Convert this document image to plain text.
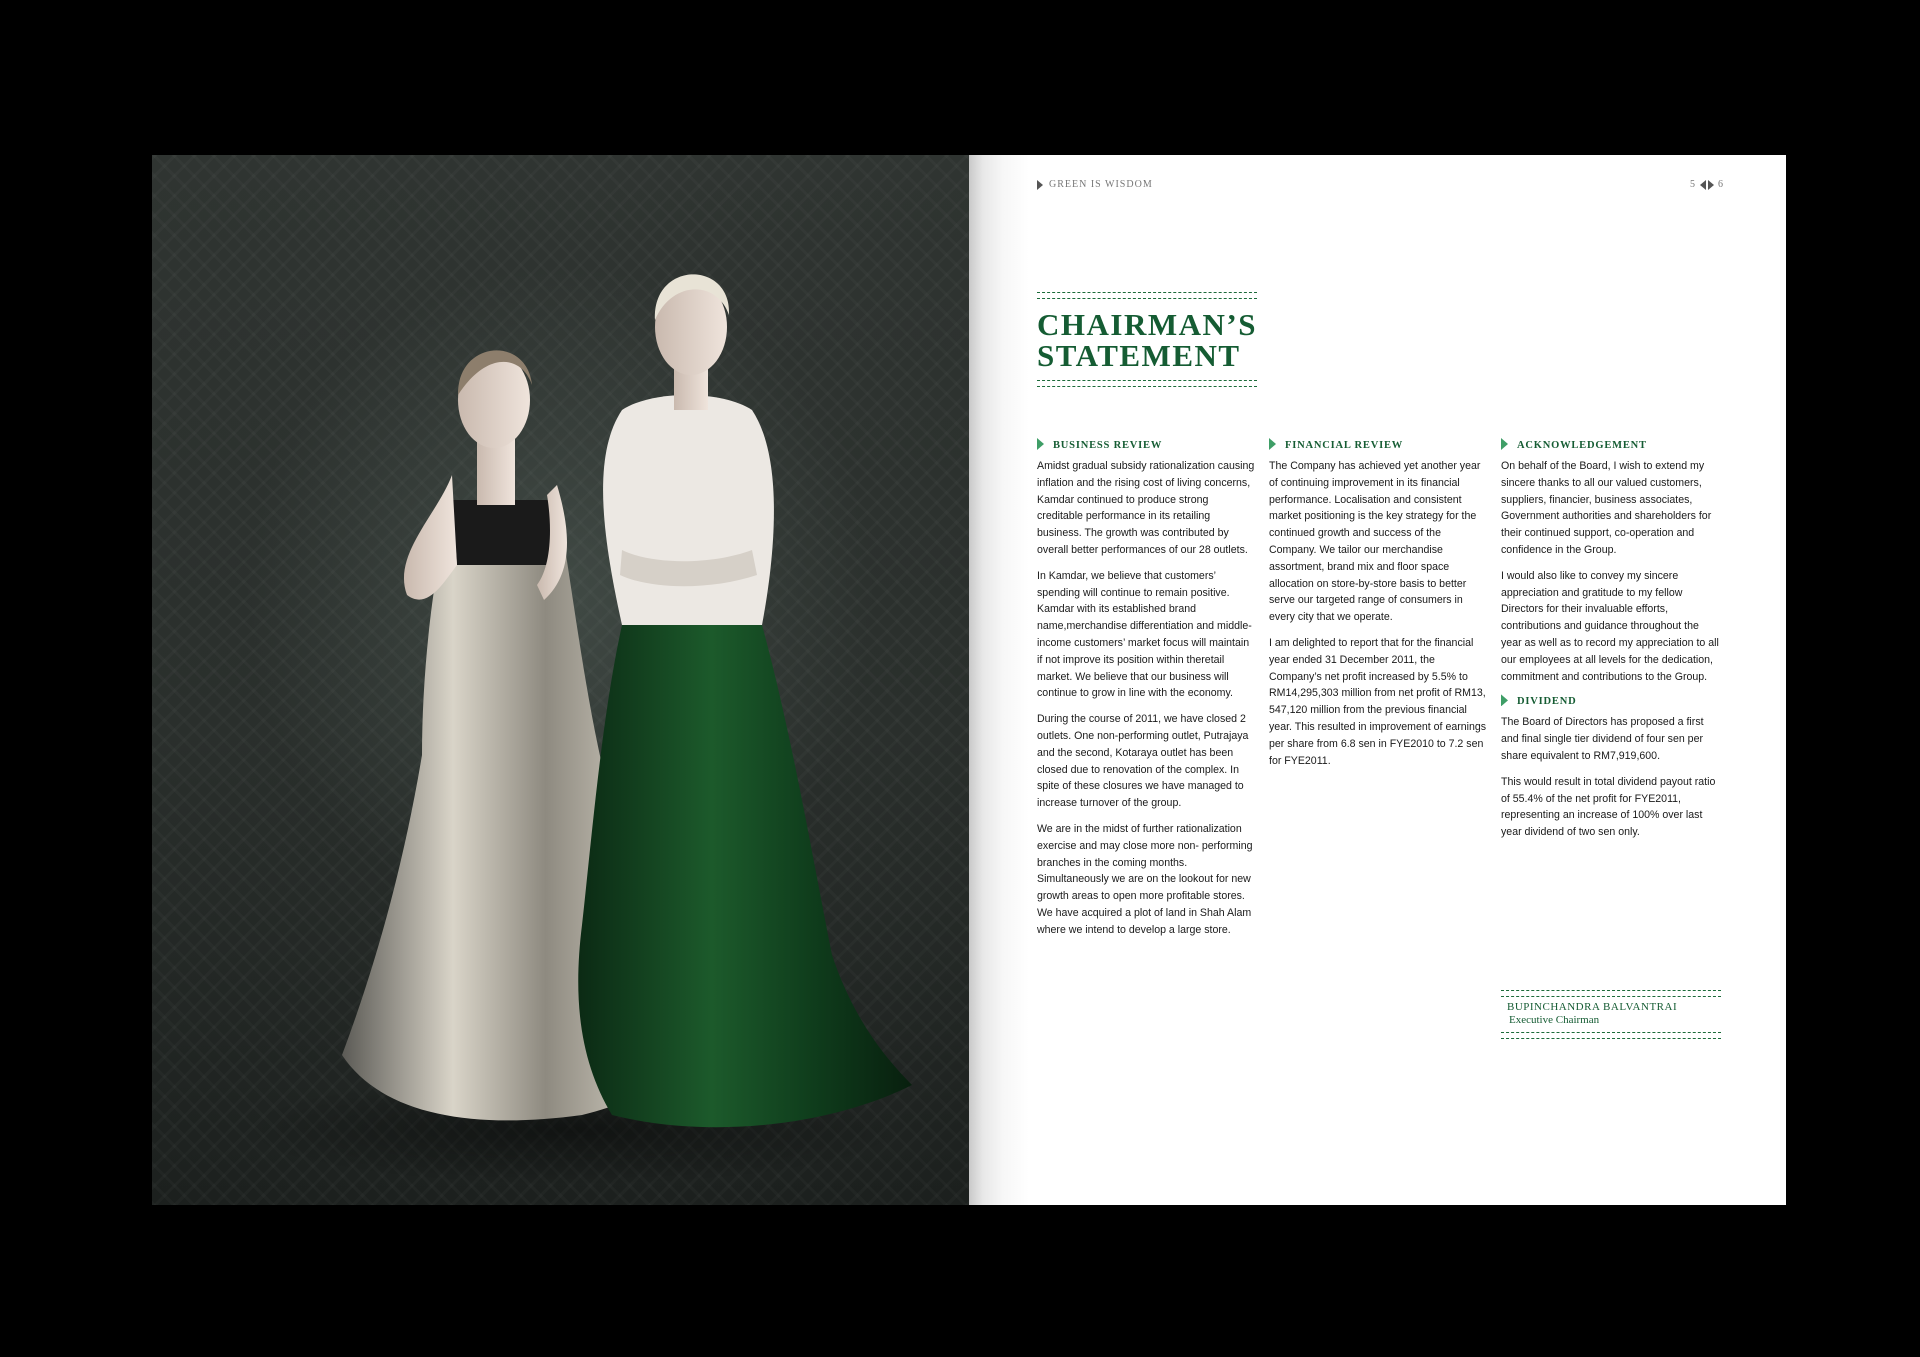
GREEN IS WISDOM	5 6
CHAIRMAN’S
STATEMENT
BUSINESS REVIEW

Amidst gradual subsidy rationalization causing inflation and the rising cost of living concerns, Kamdar continued to produce strong creditable performance in its retailing business. The growth was contributed by overall better performances of our 28 outlets.

In Kamdar, we believe that customers’ spending will continue to remain positive. Kamdar with its established brand name,merchandise differentiation and middle-income customers’ market focus will maintain if not improve its position within theretail market. We believe that our business will continue to grow in line with the economy.

During the course of 2011, we have closed 2 outlets. One non-performing outlet, Putrajaya and the second, Kotaraya outlet has been closed due to renovation of the complex. In spite of these closures we have managed to increase turnover of the group.

We are in the midst of further rationalization exercise and may close more non- performing branches in the coming months. Simultaneously we are on the lookout for new growth areas to open more profitable stores. We have acquired a plot of land in Shah Alam where we intend to develop a large store.

FINANCIAL REVIEW

The Company has achieved yet another year of continuing improvement in its financial performance. Localisation and consistent market positioning is the key strategy for the continued growth and success of the Company. We tailor our merchandise assortment, brand mix and floor space allocation on store-by-store basis to better serve our targeted range of consumers in every city that we operate.

I am delighted to report that for the financial year ended 31 December 2011, the Company’s net profit increased by 5.5% to RM14,295,303 million from net profit of RM13, 547,120 million from the previous financial year. This resulted in improvement of earnings per share from 6.8 sen in FYE2010 to 7.2 sen for FYE2011.

ACKNOWLEDGEMENT

On behalf of the Board, I wish to extend my sincere thanks to all our valued customers, suppliers, financier, business associates, Government authorities and shareholders for their continued support, co-operation and confidence in the Group.

I would also like to convey my sincere appreciation and gratitude to my fellow Directors for their invaluable efforts, contributions and guidance throughout the year as well as to record my appreciation to all our employees at all levels for the dedication, commitment and contributions to the Group.

DIVIDEND

The Board of Directors has proposed a first and final single tier dividend of four sen per share equivalent to RM7,919,600.

This would result in total dividend payout ratio of 55.4% of the net profit for FYE2011, representing an increase of 100% over last year dividend of two sen only.

BUPINCHANDRA BALVANTRAI
Executive Chairman
